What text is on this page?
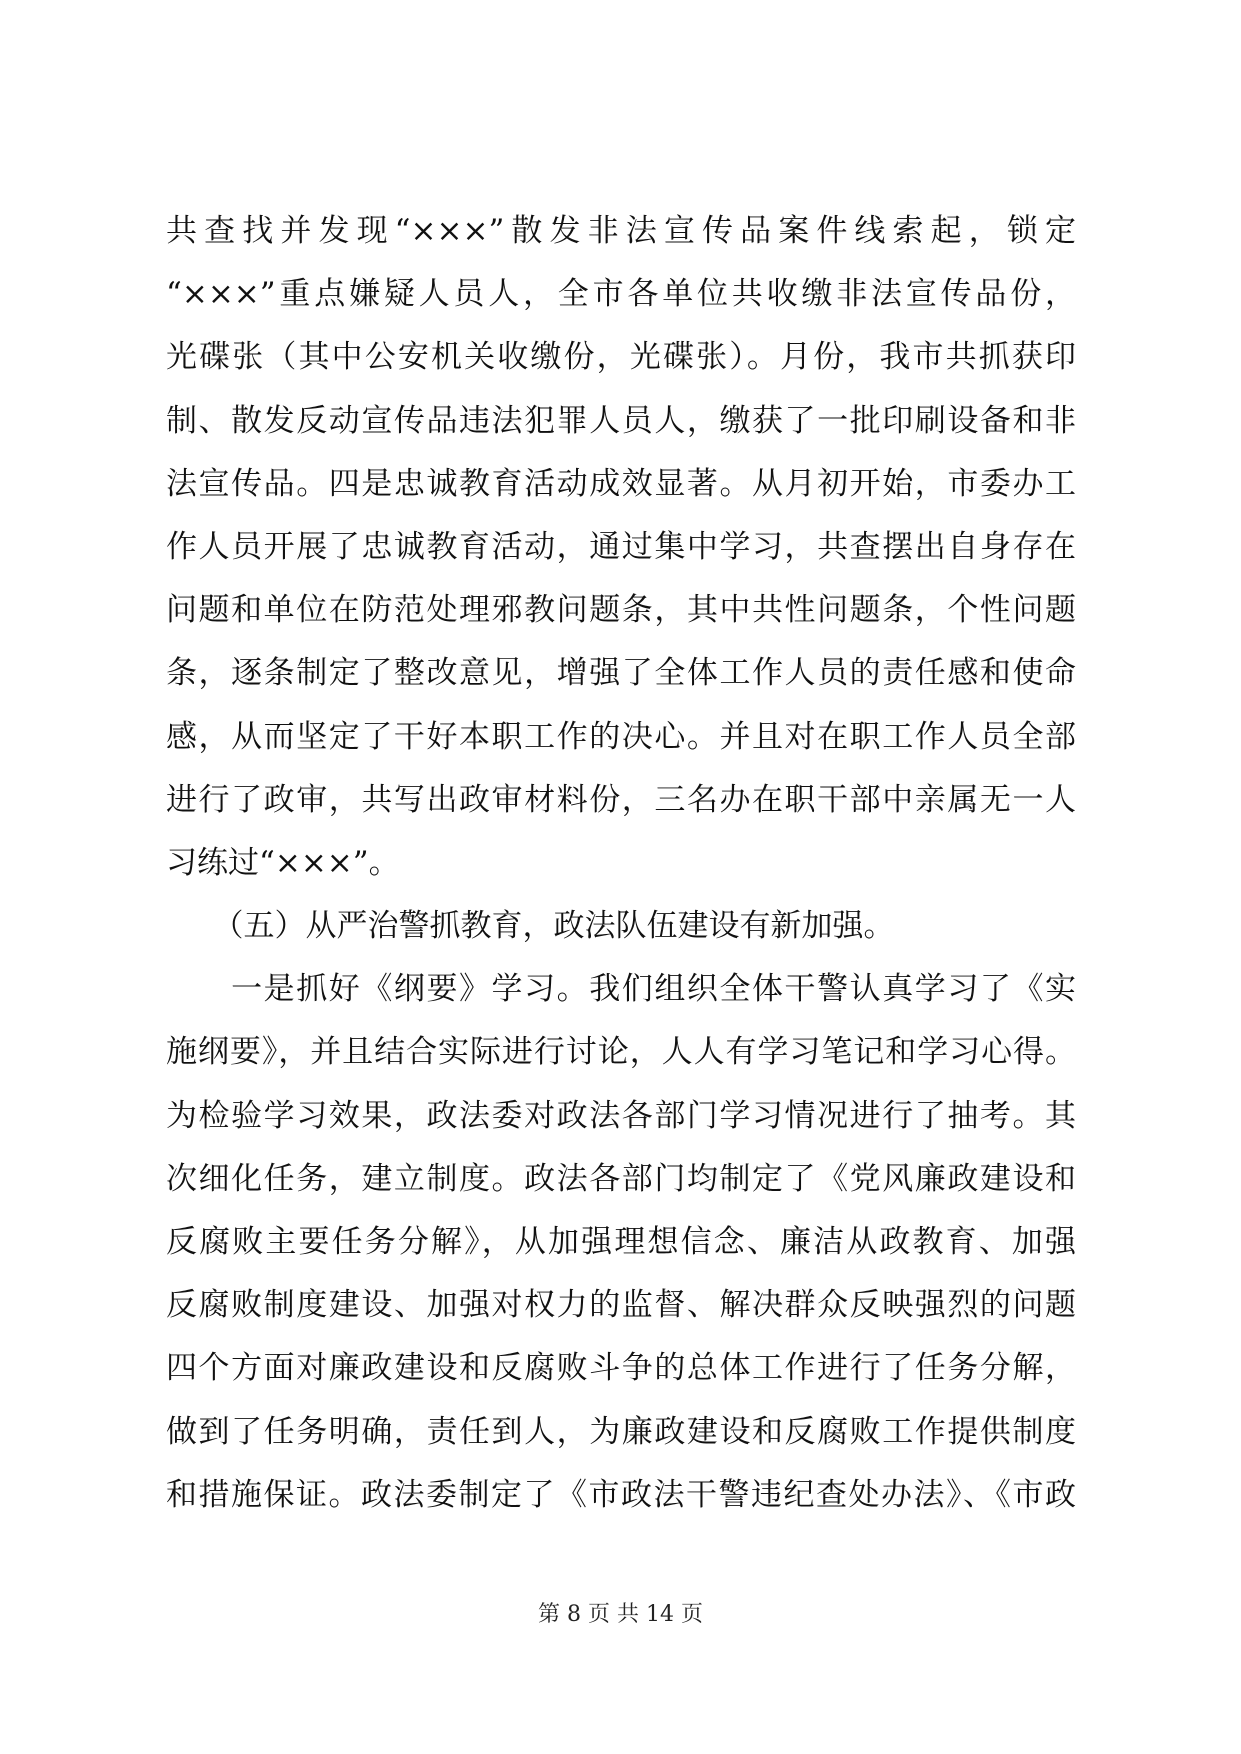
共查找并发现“×××”散发非法宣传品案件线索起，锁定
“×××”重点嫌疑人员人，全市各单位共收缴非法宣传品份，
光碟张（其中公安机关收缴份，光碟张）。月份，我市共抓获印
制、散发反动宣传品违法犯罪人员人，缴获了一批印刷设备和非
法宣传品。四是忠诚教育活动成效显著。从月初开始，市委办工
作人员开展了忠诚教育活动，通过集中学习，共查摆出自身存在
问题和单位在防范处理邪教问题条，其中共性问题条，个性问题
条，逐条制定了整改意见，增强了全体工作人员的责任感和使命
感，从而坚定了干好本职工作的决心。并且对在职工作人员全部
进行了政审，共写出政审材料份，三名办在职干部中亲属无一人
习练过“×××”。
　　（五）从严治警抓教育，政法队伍建设有新加强。
　　一是抓好《纲要》学习。我们组织全体干警认真学习了《实
施纲要》，并且结合实际进行讨论，人人有学习笔记和学习心得。
为检验学习效果，政法委对政法各部门学习情况进行了抽考。其
次细化任务，建立制度。政法各部门均制定了《党风廉政建设和
反腐败主要任务分解》，从加强理想信念、廉洁从政教育、加强
反腐败制度建设、加强对权力的监督、解决群众反映强烈的问题
四个方面对廉政建设和反腐败斗争的总体工作进行了任务分解，
做到了任务明确，责任到人，为廉政建设和反腐败工作提供制度
和措施保证。政法委制定了《市政法干警违纪查处办法》、《市政
第 8 页 共 14 页
